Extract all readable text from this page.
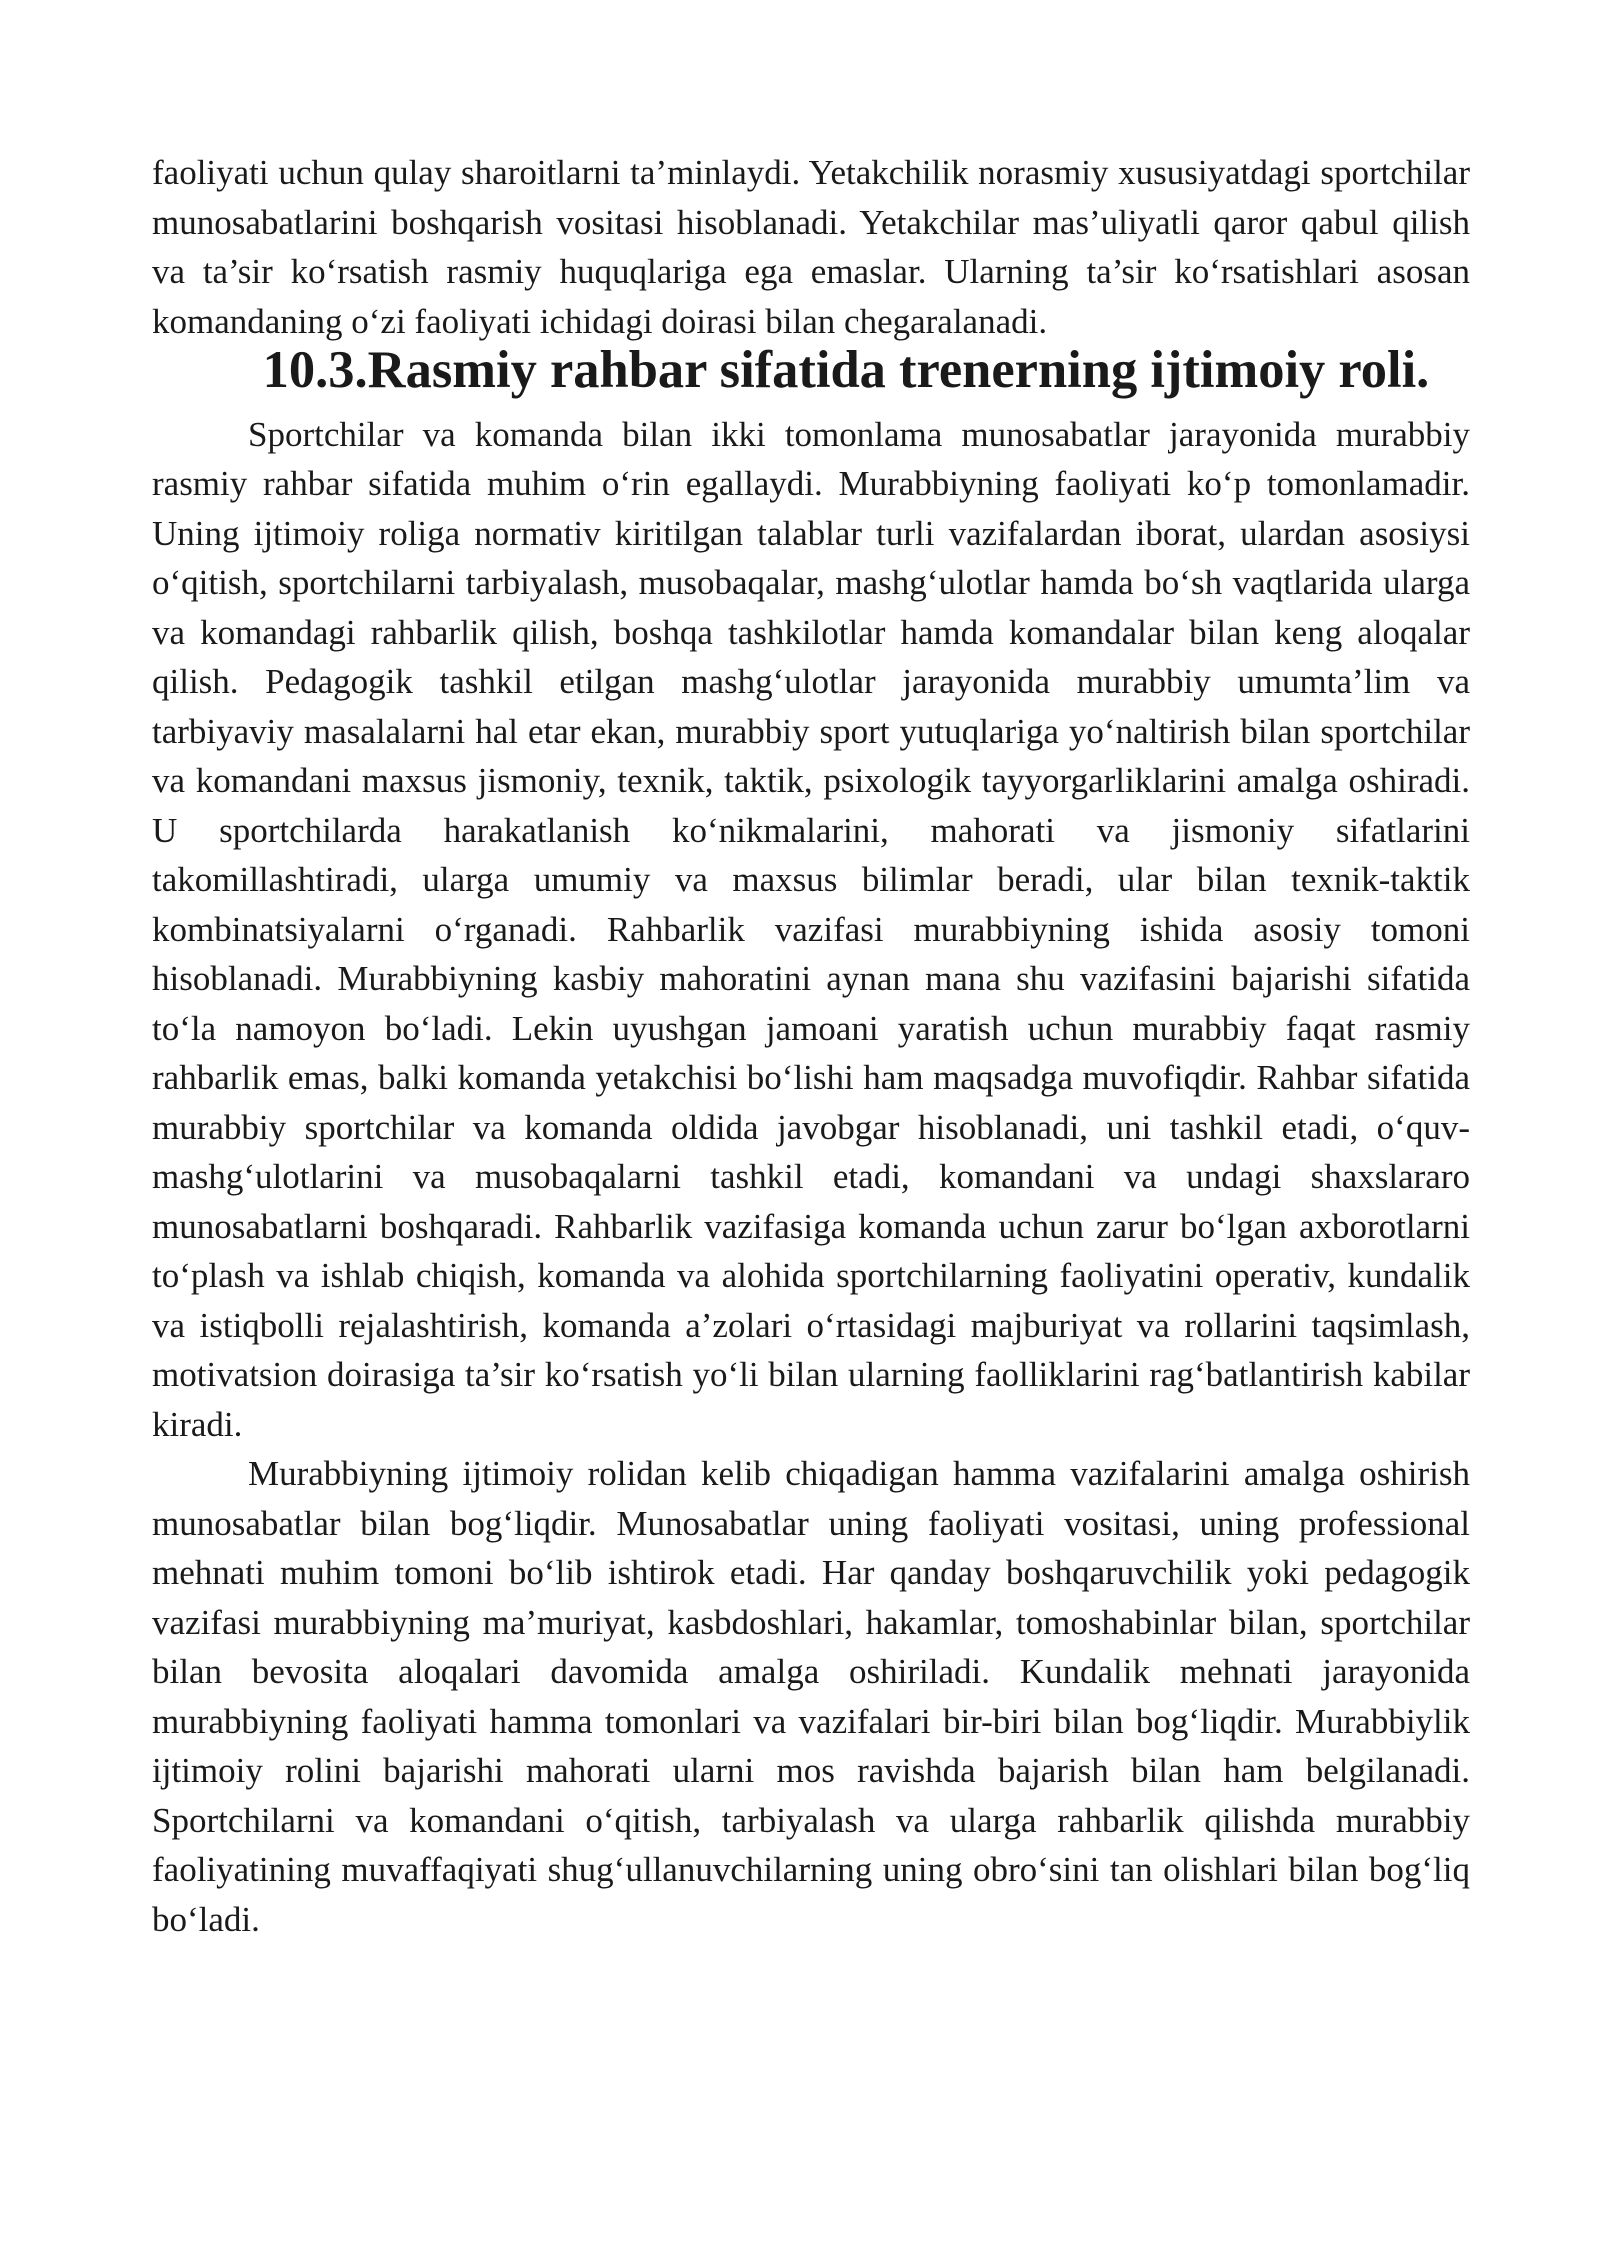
faoliyati uchun qulay sharoitlarni ta’minlaydi. Yetakchilik norasmiy xususiyatdagi sportchilar munosabatlarini boshqarish vositasi hisoblanadi. Yetakchilar mas’uliyatli qaror qabul qilish va ta’sir ko‘rsatish rasmiy huquqlariga ega emaslar. Ularning ta’sir ko‘rsatishlari asosan komandaning o‘zi faoliyati ichidagi doirasi bilan chegaralanadi.

10.3.Rasmiy rahbar sifatida trenerning ijtimoiy roli.

Sportchilar va komanda bilan ikki tomonlama munosabatlar jarayonida murabbiy rasmiy rahbar sifatida muhim o‘rin egallaydi. Murabbiyning faoliyati ko‘p tomonlamadir. Uning ijtimoiy roliga normativ kiritilgan talablar turli vazifalardan iborat, ulardan asosiysi o‘qitish, sportchilarni tarbiyalash, musobaqalar, mashg‘ulotlar hamda bo‘sh vaqtlarida ularga va komandagi rahbarlik qilish, boshqa tashkilotlar hamda komandalar bilan keng aloqalar qilish. Pedagogik tashkil etilgan mashg‘ulotlar jarayonida murabbiy umumta’lim va tarbiyaviy masalalarni hal etar ekan, murabbiy sport yutuqlariga yo‘naltirish bilan sportchilar va komandani maxsus jismoniy, texnik, taktik, psixologik tayyorgarliklarini amalga oshiradi. U sportchilarda harakatlanish ko‘nikmalarini, mahorati va jismoniy sifatlarini takomillashtiradi, ularga umumiy va maxsus bilimlar beradi, ular bilan texnik-taktik kombinatsiyalarni o‘rganadi. Rahbarlik vazifasi murabbiyning ishida asosiy tomoni hisoblanadi. Murabbiyning kasbiy mahoratini aynan mana shu vazifasini bajarishi sifatida to‘la namoyon bo‘ladi. Lekin uyushgan jamoani yaratish uchun murabbiy faqat rasmiy rahbarlik emas, balki komanda yetakchisi bo‘lishi ham maqsadga muvofiqdir. Rahbar sifatida murabbiy sportchilar va komanda oldida javobgar hisoblanadi, uni tashkil etadi, o‘quv-mashg‘ulotlarini va musobaqalarni tashkil etadi, komandani va undagi shaxslararo munosabatlarni boshqaradi. Rahbarlik vazifasiga komanda uchun zarur bo‘lgan axborotlarni to‘plash va ishlab chiqish, komanda va alohida sportchilarning faoliyatini operativ, kundalik va istiqbolli rejalashtirish, komanda a’zolari o‘rtasidagi majburiyat va rollarini taqsimlash, motivatsion doirasiga ta’sir ko‘rsatish yo‘li bilan ularning faolliklarini rag‘batlantirish kabilar kiradi.

Murabbiyning ijtimoiy rolidan kelib chiqadigan hamma vazifalarini amalga oshirish munosabatlar bilan bog‘liqdir. Munosabatlar uning faoliyati vositasi, uning professional mehnati muhim tomoni bo‘lib ishtirok etadi. Har qanday boshqaruvchilik yoki pedagogik vazifasi murabbiyning ma’muriyat, kasbdoshlari, hakamlar, tomoshabinlar bilan, sportchilar bilan bevosita aloqalari davomida amalga oshiriladi. Kundalik mehnati jarayonida murabbiyning faoliyati hamma tomonlari va vazifalari bir-biri bilan bog‘liqdir. Murabbiylik ijtimoiy rolini bajarishi mahorati ularni mos ravishda bajarish bilan ham belgilanadi. Sportchilarni va komandani o‘qitish, tarbiyalash va ularga rahbarlik qilishda murabbiy faoliyatining muvaffaqiyati shug‘ullanuvchilarning uning obro‘sini tan olishlari bilan bog‘liq bo‘ladi.
